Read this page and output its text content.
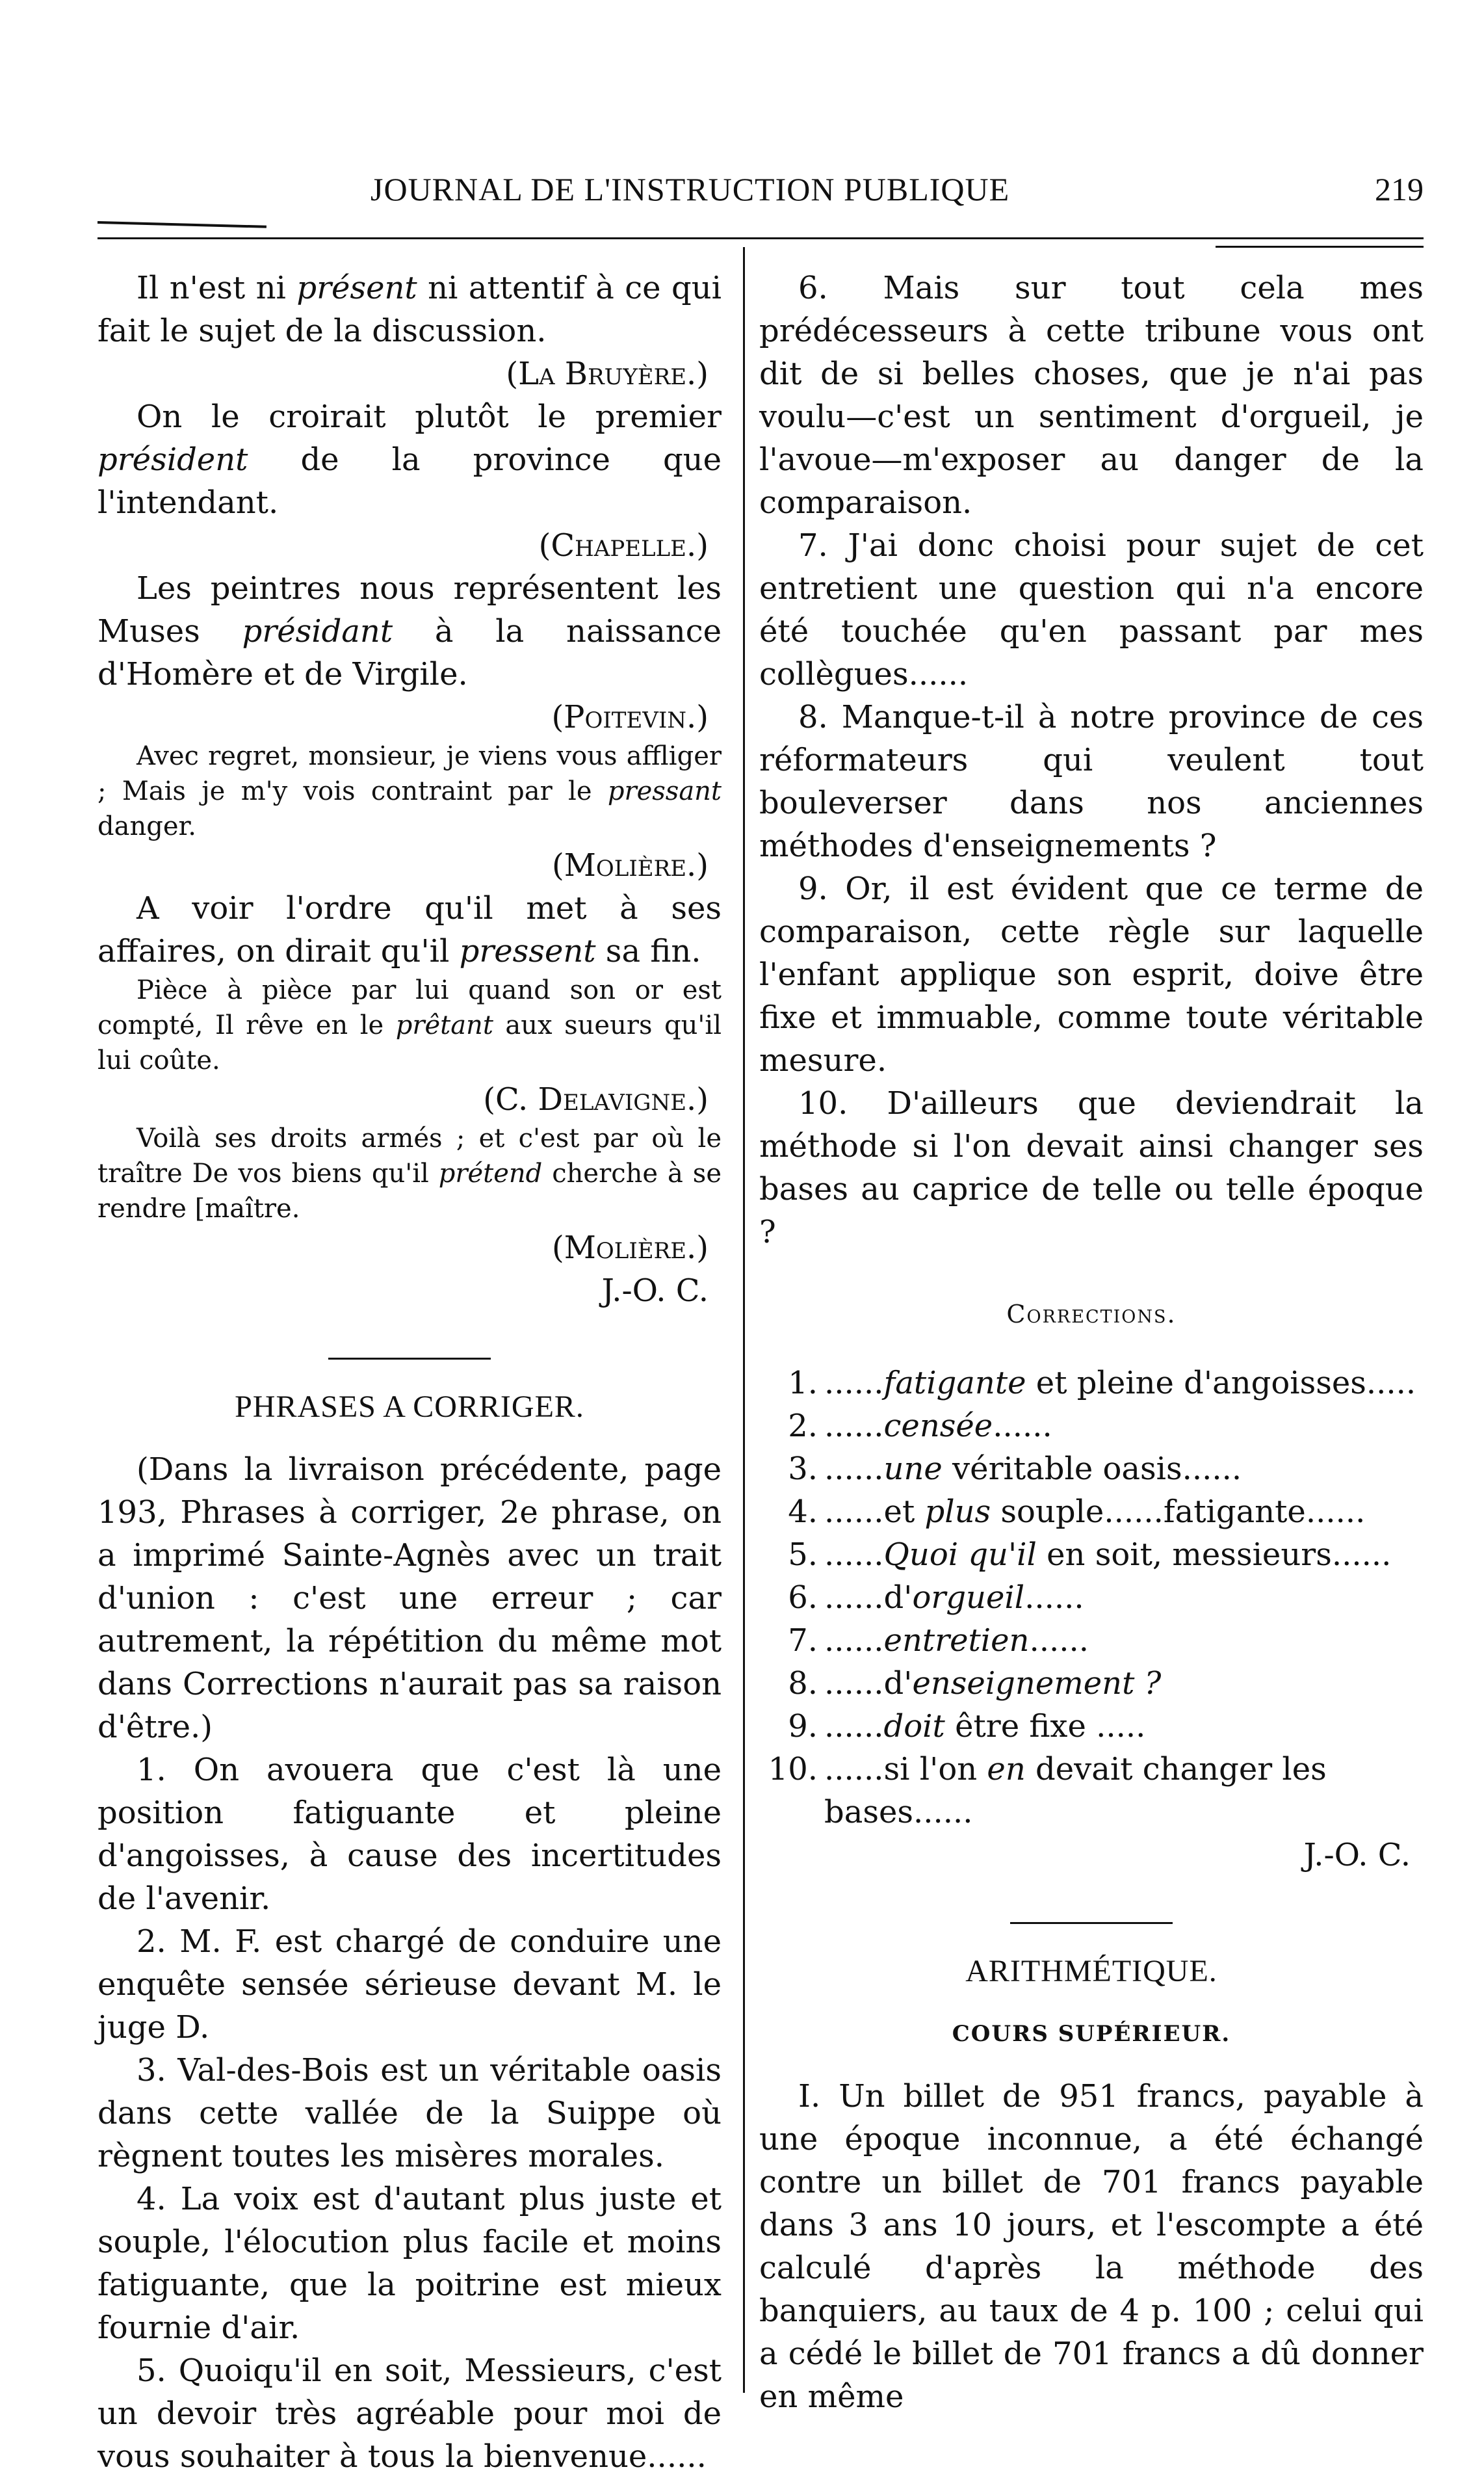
JOURNAL DE L'INSTRUCTION PUBLIQUE	219

Il n'est ni présent ni attentif à ce qui fait le sujet de la discussion.

(La Bruyère.)

On le croirait plutôt le premier président de la province que l'intendant.

(Chapelle.)

Les peintres nous représentent les Muses présidant à la naissance d'Homère et de Virgile.

(Poitevin.)

Avec regret, monsieur, je viens vous affliger ; Mais je m'y vois contraint par le pressant danger.

(Molière.)

A voir l'ordre qu'il met à ses affaires, on dirait qu'il pressent sa fin.

Pièce à pièce par lui quand son or est compté, Il rêve en le prêtant aux sueurs qu'il lui coûte.

(C. Delavigne.)

Voilà ses droits armés ; et c'est par où le traître De vos biens qu'il prétend cherche à se rendre [maître.

(Molière.)

J.-O. C.

PHRASES A CORRIGER.

(Dans la livraison précédente, page 193, Phrases à corriger, 2e phrase, on a imprimé Sainte-Agnès avec un trait d'union : c'est une erreur ; car autrement, la répétition du même mot dans Corrections n'aurait pas sa raison d'être.)

1. On avouera que c'est là une position fatiguante et pleine d'angoisses, à cause des incertitudes de l'avenir.

2. M. F. est chargé de conduire une enquête sensée sérieuse devant M. le juge D.

3. Val-des-Bois est un véritable oasis dans cette vallée de la Suippe où règnent toutes les misères morales.

4. La voix est d'autant plus juste et souple, l'élocution plus facile et moins fatiguante, que la poitrine est mieux fournie d'air.

5. Quoiqu'il en soit, Messieurs, c'est un devoir très agréable pour moi de vous souhaiter à tous la bienvenue......

6. Mais sur tout cela mes prédécesseurs à cette tribune vous ont dit de si belles choses, que je n'ai pas voulu—c'est un sentiment d'orgueil, je l'avoue—m'exposer au danger de la comparaison.

7. J'ai donc choisi pour sujet de cet entretient une question qui n'a encore été touchée qu'en passant par mes collègues......

8. Manque-t-il à notre province de ces réformateurs qui veulent tout bouleverser dans nos anciennes méthodes d'enseignements ?

9. Or, il est évident que ce terme de comparaison, cette règle sur laquelle l'enfant applique son esprit, doive être fixe et immuable, comme toute véritable mesure.

10. D'ailleurs que deviendrait la méthode si l'on devait ainsi changer ses bases au caprice de telle ou telle époque ?

Corrections.
1. ......fatigante et pleine d'angoisses.....
2. ......censée......
3. ......une véritable oasis......
4. ......et plus souple......fatigante......
5. ......Quoi qu'il en soit, messieurs......
6. ......d'orgueil......
7. ......entretien......
8. ......d'enseignement ?
9. ......doit être fixe .....
10. ......si l'on en devait changer les bases......

J.-O. C.

ARITHMÉTIQUE.
COURS SUPÉRIEUR.

I. Un billet de 951 francs, payable à une époque inconnue, a été échangé contre un billet de 701 francs payable dans 3 ans 10 jours, et l'escompte a été calculé d'après la méthode des banquiers, au taux de 4 p. 100 ; celui qui a cédé le billet de 701 francs a dû donner en même
